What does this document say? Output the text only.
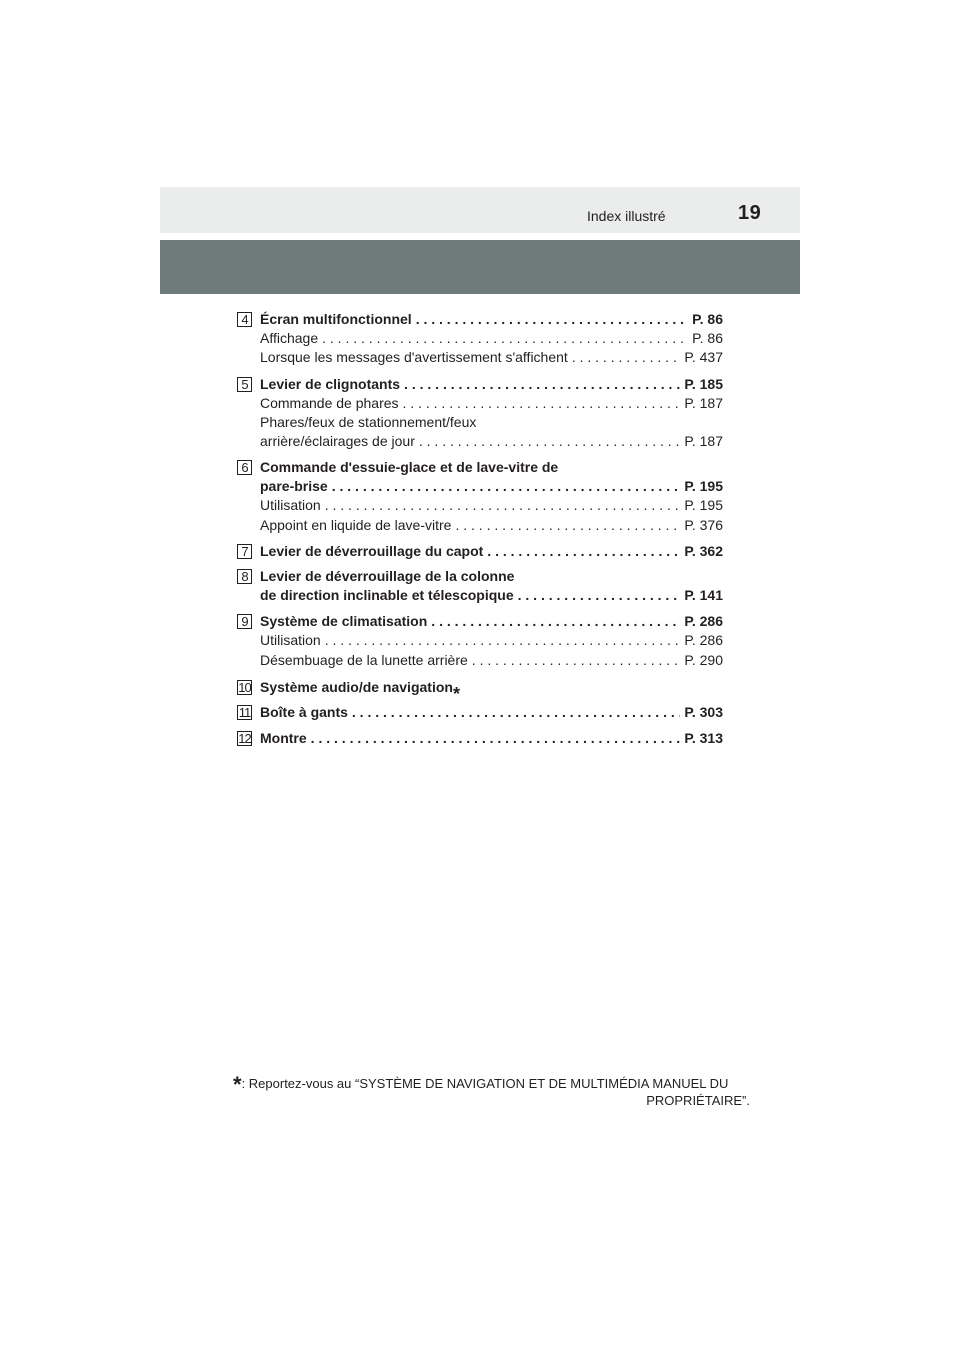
Index illustré	19
4 Écran multifonctionnel . . .	P. 86
Affichage . . .	P. 86
Lorsque les messages d'avertissement s'affichent . . .	P. 437
5 Levier de clignotants . . .	P. 185
Commande de phares . . .	P. 187
Phares/feux de stationnement/feux
arrière/éclairages de jour . . .	P. 187
6 Commande d'essuie-glace et de lave-vitre de
pare-brise . . .	P. 195
Utilisation . . .	P. 195
Appoint en liquide de lave-vitre . . .	P. 376
7 Levier de déverrouillage du capot . . .	P. 362
8 Levier de déverrouillage de la colonne
de direction inclinable et télescopique . . .	P. 141
9 Système de climatisation . . .	P. 286
Utilisation . . .	P. 286
Désembuage de la lunette arrière . . .	P. 290
10 Système audio/de navigation*
11 Boîte à gants . . .	P. 303
12 Montre . . .	P. 313
*: Reportez-vous au “SYSTÈME DE NAVIGATION ET DE MULTIMÉDIA MANUEL DU
PROPRIÉTAIRE”.
